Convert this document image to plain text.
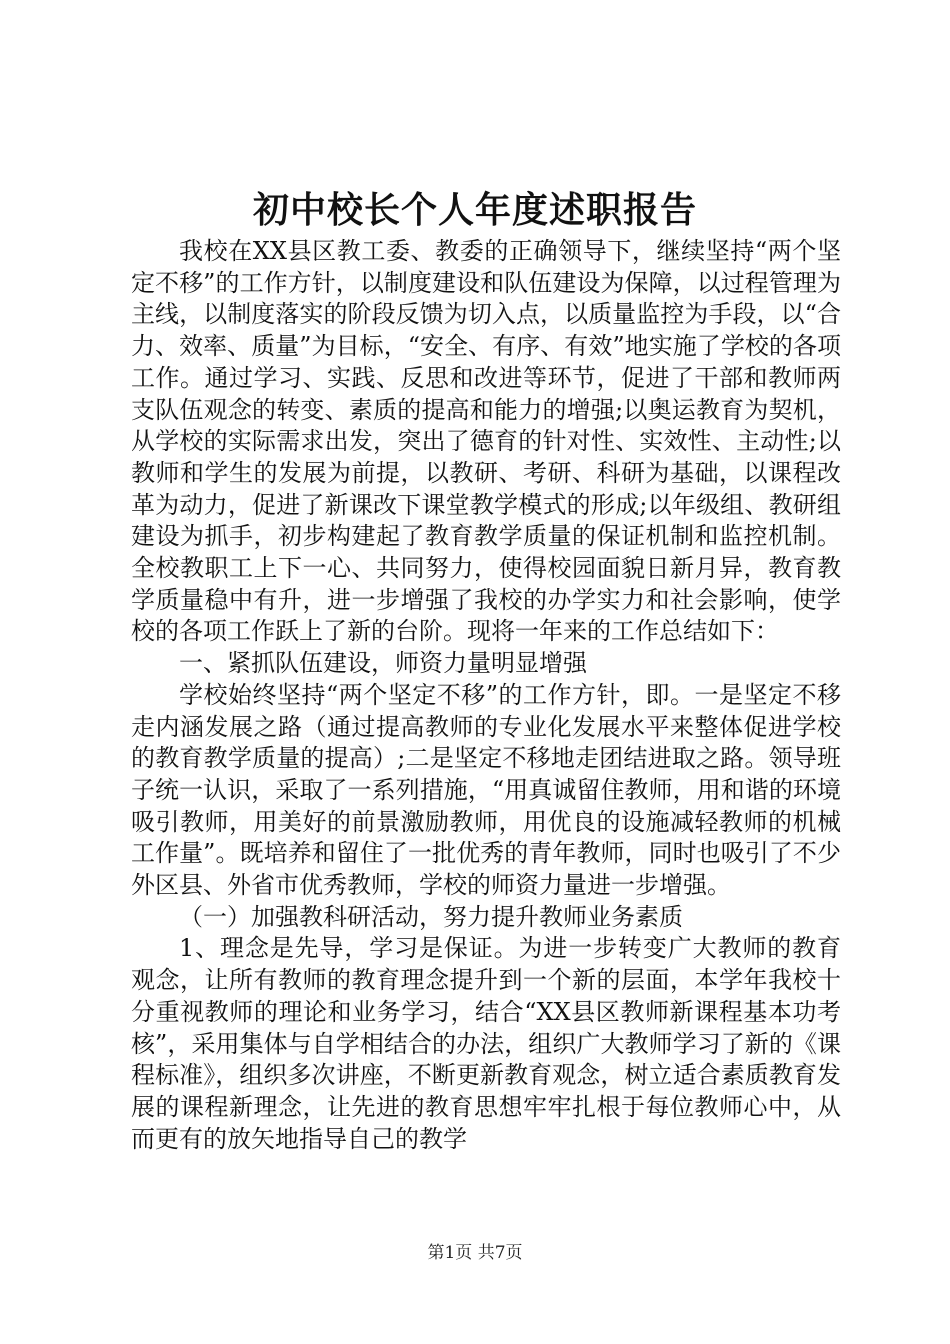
初中校长个人年度述职报告

我校在XX县区教工委、教委的正确领导下，继续坚持“两个坚定不移”的工作方针，以制度建设和队伍建设为保障，以过程管理为主线，以制度落实的阶段反馈为切入点，以质量监控为手段，以“合力、效率、质量”为目标，“安全、有序、有效”地实施了学校的各项工作。通过学习、实践、反思和改进等环节，促进了干部和教师两支队伍观念的转变、素质的提高和能力的增强;以奥运教育为契机，从学校的实际需求出发，突出了德育的针对性、实效性、主动性;以教师和学生的发展为前提，以教研、考研、科研为基础，以课程改革为动力，促进了新课改下课堂教学模式的形成;以年级组、教研组建设为抓手，初步构建起了教育教学质量的保证机制和监控机制。全校教职工上下一心、共同努力，使得校园面貌日新月异，教育教学质量稳中有升，进一步增强了我校的办学实力和社会影响，使学校的各项工作跃上了新的台阶。现将一年来的工作总结如下：

一、紧抓队伍建设，师资力量明显增强

学校始终坚持“两个坚定不移”的工作方针，即。一是坚定不移走内涵发展之路（通过提高教师的专业化发展水平来整体促进学校的教育教学质量的提高）;二是坚定不移地走团结进取之路。领导班子统一认识，采取了一系列措施，“用真诚留住教师，用和谐的环境吸引教师，用美好的前景激励教师，用优良的设施减轻教师的机械工作量”。既培养和留住了一批优秀的青年教师，同时也吸引了不少外区县、外省市优秀教师，学校的师资力量进一步增强。

（一）加强教科研活动，努力提升教师业务素质

1、理念是先导，学习是保证。为进一步转变广大教师的教育观念，让所有教师的教育理念提升到一个新的层面，本学年我校十分重视教师的理论和业务学习，结合“XX县区教师新课程基本功考核”，采用集体与自学相结合的办法，组织广大教师学习了新的《课程标准》，组织多次讲座，不断更新教育观念，树立适合素质教育发展的课程新理念，让先进的教育思想牢牢扎根于每位教师心中，从而更有的放矢地指导自己的教学

第1页 共7页
